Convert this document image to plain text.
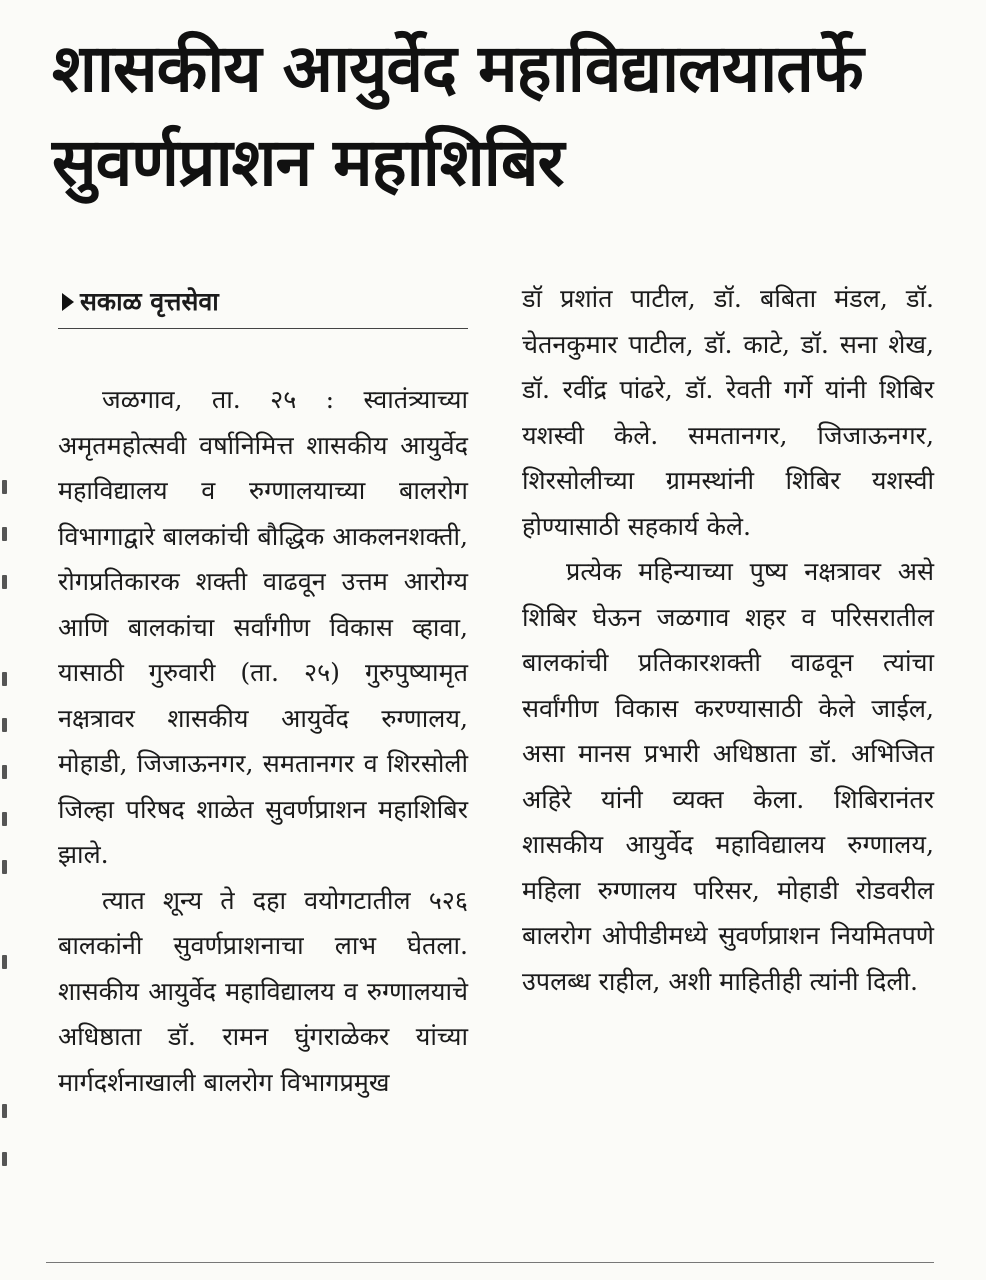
शासकीय आयुर्वेद महाविद्यालयातर्फे
सुवर्णप्राशन महाशिबिर
सकाळ वृत्तसेवा

जळगाव, ता. २५ : स्वातंत्र्याच्या अमृतमहोत्सवी वर्षानिमित्त शासकीय आयुर्वेद महाविद्यालय व रुग्णालयाच्या बालरोग विभागाद्वारे बालकांची बौद्धिक आकलनशक्ती, रोगप्रतिकारक शक्ती वाढवून उत्तम आरोग्य आणि बालकांचा सर्वांगीण विकास व्हावा, यासाठी गुरुवारी (ता. २५) गुरुपुष्यामृत नक्षत्रावर शासकीय आयुर्वेद रुग्णालय, मोहाडी, जिजाऊनगर, समतानगर व शिरसोली जिल्हा परिषद शाळेत सुवर्णप्राशन महाशिबिर झाले.

त्यात शून्य ते दहा वयोगटातील ५२६ बालकांनी सुवर्णप्राशनाचा लाभ घेतला. शासकीय आयुर्वेद महाविद्यालय व रुग्णालयाचे अधिष्ठाता डॉ. रामन घुंगराळेकर यांच्या मार्गदर्शनाखाली बालरोग विभागप्रमुख

डॉ प्रशांत पाटील, डॉ. बबिता मंडल, डॉ. चेतनकुमार पाटील, डॉ. काटे, डॉ. सना शेख, डॉ. रवींद्र पांढरे, डॉ. रेवती गर्गे यांनी शिबिर यशस्वी केले. समतानगर, जिजाऊनगर, शिरसोलीच्या ग्रामस्थांनी शिबिर यशस्वी होण्यासाठी सहकार्य केले.

प्रत्येक महिन्याच्या पुष्य नक्षत्रावर असे शिबिर घेऊन जळगाव शहर व परिसरातील बालकांची प्रतिकारशक्ती वाढवून त्यांचा सर्वांगीण विकास करण्यासाठी केले जाईल, असा मानस प्रभारी अधिष्ठाता डॉ. अभिजित अहिरे यांनी व्यक्त केला. शिबिरानंतर शासकीय आयुर्वेद महाविद्यालय रुग्णालय, महिला रुग्णालय परिसर, मोहाडी रोडवरील बालरोग ओपीडीमध्ये सुवर्णप्राशन नियमितपणे उपलब्ध राहील, अशी माहितीही त्यांनी दिली.
